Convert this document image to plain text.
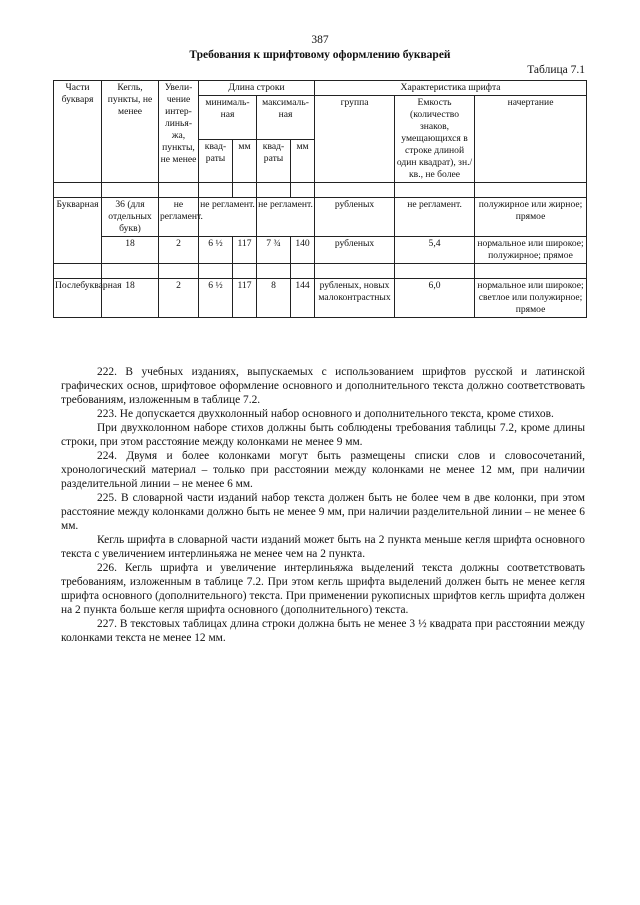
387
Требования к шрифтовому оформлению букварей
Таблица 7.1
Части букваря	Кегль, пункты, не менее	Увели-чение интер-линья-жа, пункты, не менее	Длина строки				Характеристика шрифта		
			минималь-ная		максималь-ная		группа	Емкость (количество знаков, умещающихся в строке длиной один квадрат), зн./кв., не более	начертание
			квад-раты	мм	квад-раты	мм			

Букварная	36 (для отдельных букв)	не регламент.	не регламент.		не регламент.		рубленых	не регламент.	полужирное или жирное; прямое
	18	2	6 ½	117	7 ¾	140	рубленых	5,4	нормальное или широкое; полужирное; прямое

Послебукварная	18	2	6 ½	117	8	144	рубленых, новых малоконтрастных	6,0	нормальное или широкое; светлое или полужирное; прямое

222. В учебных изданиях, выпускаемых с использованием шрифтов русской и латинской графических основ, шрифтовое оформление основного и дополнительного текста должно соответствовать требованиям, изложенным в таблице 7.2.

223. Не допускается двухколонный набор основного и дополнительного текста, кроме стихов.

При двухколонном наборе стихов должны быть соблюдены требования таблицы 7.2, кроме длины строки, при этом расстояние между колонками не менее 9 мм.

224. Двумя и более колонками могут быть размещены списки слов и словосочетаний, хронологический материал – только при расстоянии между колонками не менее 12 мм, при наличии разделительной линии – не менее 6 мм.

225. В словарной части изданий набор текста должен быть не более чем в две колонки, при этом расстояние между колонками должно быть не менее 9 мм, при наличии разделительной линии – не менее 6 мм.

Кегль шрифта в словарной части изданий может быть на 2 пункта меньше кегля шрифта основного текста с увеличением интерлиньяжа не менее чем на 2 пункта.

226. Кегль шрифта и увеличение интерлиньяжа выделений текста должны соответствовать требованиям, изложенным в таблице 7.2. При этом кегль шрифта выделений должен быть не менее кегля шрифта основного (дополнительного) текста. При применении рукописных шрифтов кегль шрифта должен на 2 пункта больше кегля шрифта основного (дополнительного) текста.

227. В текстовых таблицах длина строки должна быть не менее 3 ½ квадрата при расстоянии между колонками текста не менее 12 мм.
